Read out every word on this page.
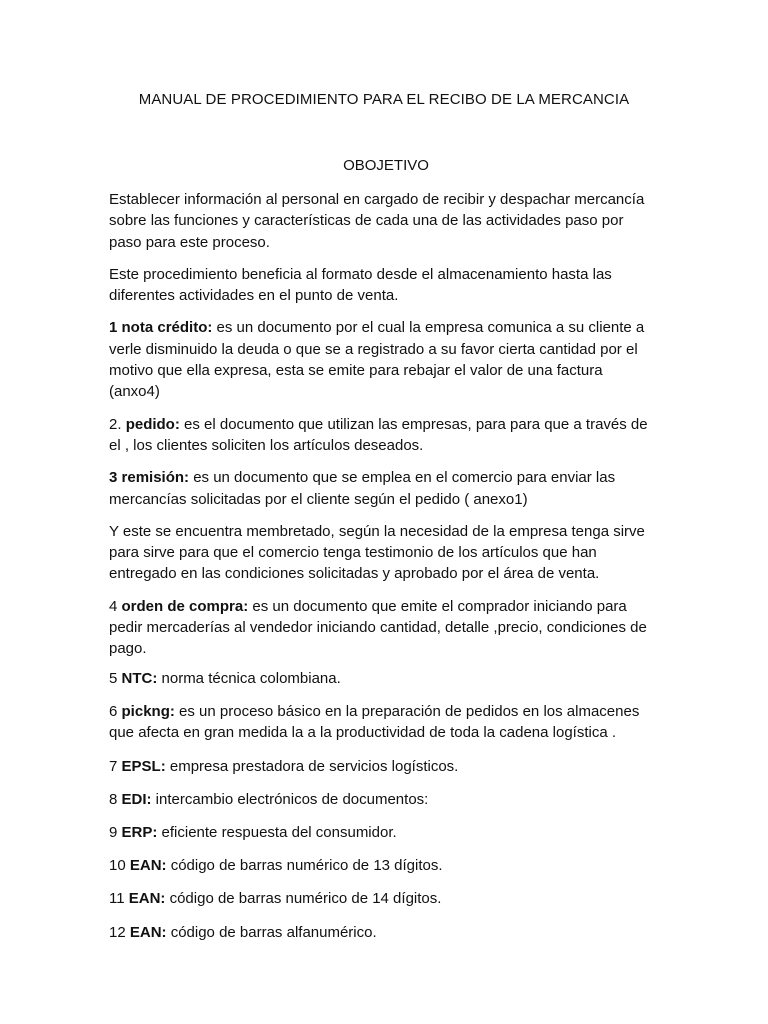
MANUAL DE PROCEDIMIENTO PARA EL RECIBO DE LA MERCANCIA
OBOJETIVO

Establecer información al personal en cargado de recibir y despachar mercancía sobre las funciones y características de cada una de las actividades paso por paso para este proceso.

Este procedimiento beneficia al formato desde el almacenamiento hasta las diferentes actividades en el punto de venta.

1 nota crédito: es un documento por el cual la empresa comunica a su cliente a verle disminuido la deuda o que se a registrado a su favor cierta cantidad por el motivo que ella expresa, esta se emite para rebajar el valor de una factura (anxo4)

2. pedido: es el documento que utilizan las empresas, para para que a través de el , los clientes soliciten los artículos deseados.

3 remisión: es un documento que se emplea en el comercio para enviar las mercancías solicitadas por el cliente según el pedido ( anexo1)

Y este se encuentra membretado, según la necesidad de la empresa tenga sirve para sirve para que el comercio tenga testimonio de los artículos que han entregado en las condiciones solicitadas y aprobado por el área de venta.

4 orden de compra: es un documento que emite el comprador iniciando para pedir mercaderías al vendedor iniciando cantidad, detalle ,precio, condiciones de pago.

5 NTC: norma técnica colombiana.
6 pickng: es un proceso básico en la preparación de pedidos en los almacenes
que afecta en gran medida la a la productividad de toda la cadena logística .
7 EPSL: empresa prestadora de servicios logísticos.
8 EDI: intercambio electrónicos de documentos:
9 ERP: eficiente respuesta del consumidor.
10 EAN: código de barras numérico de 13 dígitos.
11 EAN: código de barras numérico de 14 dígitos.
12 EAN: código de barras alfanumérico.
